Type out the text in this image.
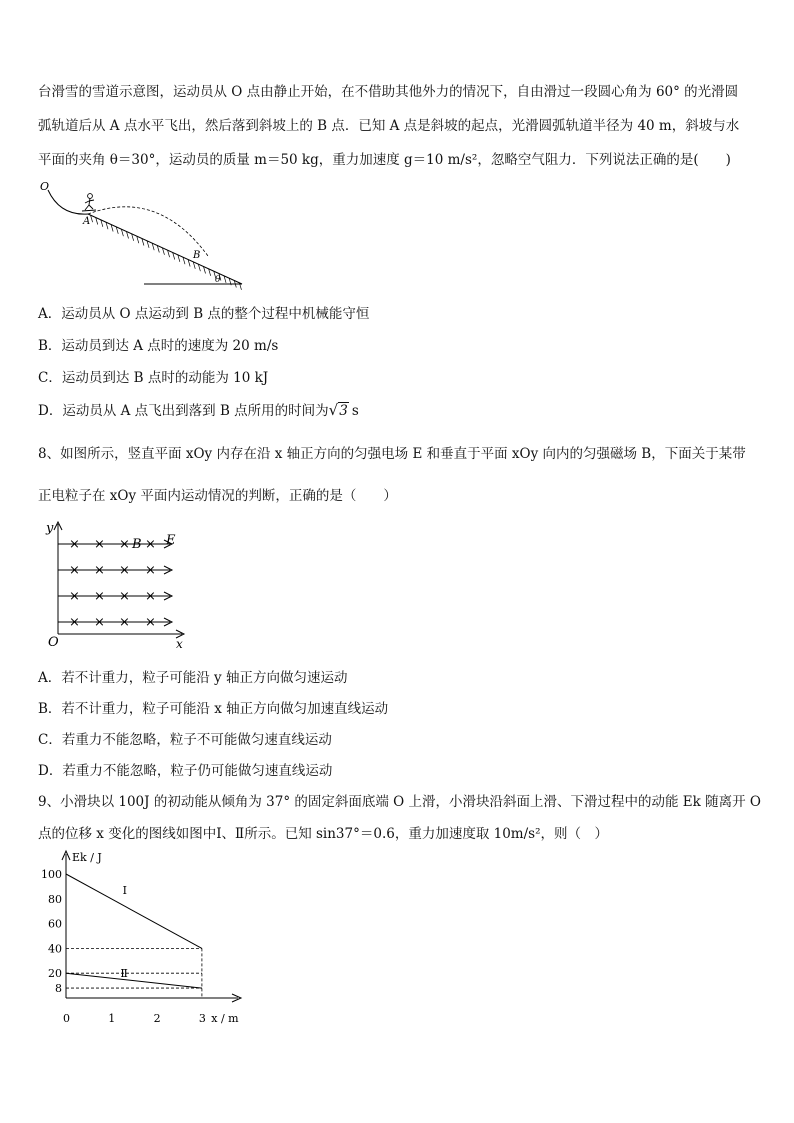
台滑雪的雪道示意图，运动员从 O 点由静止开始，在不借助其他外力的情况下，自由滑过一段圆心角为 60° 的光滑圆
弧轨道后从 A 点水平飞出，然后落到斜坡上的 B 点．已知 A 点是斜坡的起点，光滑圆弧轨道半径为 40 m，斜坡与水
平面的夹角 θ＝30°，运动员的质量 m＝50 kg，重力加速度 g＝10 m/s²，忽略空气阻力．下列说法正确的是(　　)
O
A
B
θ
A．运动员从 O 点运动到 B 点的整个过程中机械能守恒
B．运动员到达 A 点时的速度为 20 m/s
C．运动员到达 B 点时的动能为 10 kJ
D．运动员从 A 点飞出到落到 B 点所用的时间为√3 s
8、如图所示，竖直平面 xOy 内存在沿 x 轴正方向的匀强电场 E 和垂直于平面 xOy 向内的匀强磁场 B，下面关于某带
正电粒子在 xOy 平面内运动情况的判断，正确的是（　　）
y
O	x
× × × ×
× × × ×
× × × ×
× × × ×
B E
A．若不计重力，粒子可能沿 y 轴正方向做匀速运动
B．若不计重力，粒子可能沿 x 轴正方向做匀加速直线运动
C．若重力不能忽略，粒子不可能做匀速直线运动
D．若重力不能忽略，粒子仍可能做匀速直线运动
9、小滑块以 100J 的初动能从倾角为 37° 的固定斜面底端 O 上滑，小滑块沿斜面上滑、下滑过程中的动能 Ek 随离开 O
点的位移 x 变化的图线如图中Ⅰ、Ⅱ所示。已知 sin37°＝0.6，重力加速度取 10m/s²，则（　）
Ek / J
x / m
0	1	2	3
100
80
60
40
20
8
Ⅰ
Ⅱ
